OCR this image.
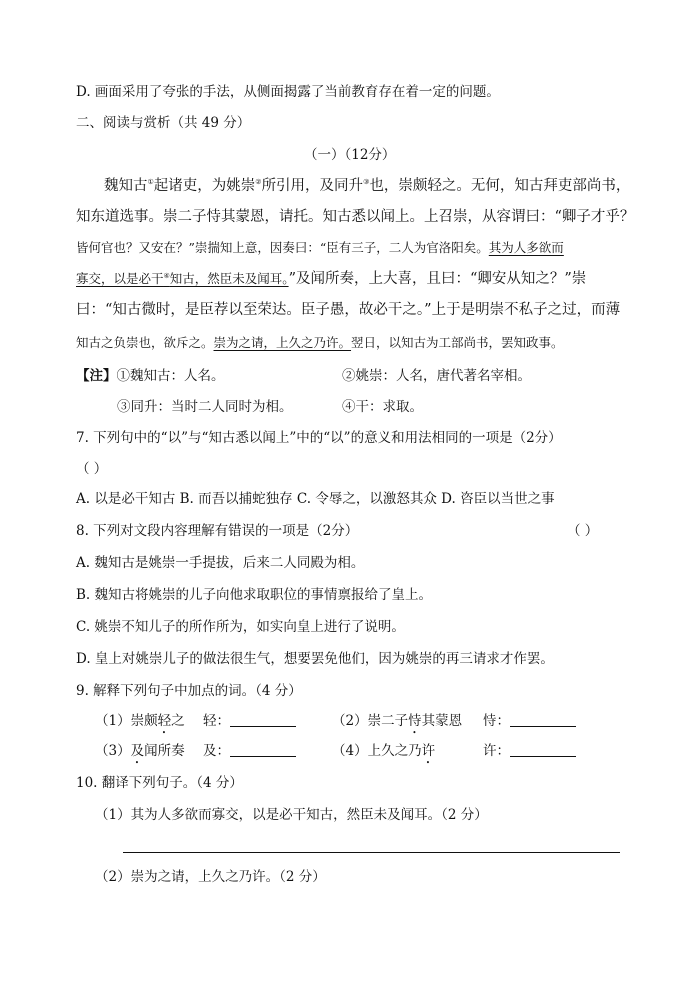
D. 画面采用了夸张的手法，从侧面揭露了当前教育存在着一定的问题。
二、阅读与赏析（共 49 分）
（一）（12分）
魏知古①起诸吏，为姚崇②所引用，及同升③也，崇颇轻之。无何，知古拜吏部尚书，
知东道选事。崇二子恃其蒙恩，请托。知古悉以闻上。上召崇，从容谓曰：“卿子才乎？
皆何官也？又安在？”崇揣知上意，因奏曰：“臣有三子，二人为官洛阳矣。其为人多欲而
寡交，以是必干④知古，然臣未及闻耳。”及闻所奏，上大喜，且曰：“卿安从知之？”崇
曰：“知古微时，是臣荐以至荣达。臣子愚，故必干之。”上于是明崇不私子之过，而薄
知古之负崇也，欲斥之。崇为之请，上久之乃许。翌日，以知古为工部尚书，罢知政事。
【注】①魏知古：人名。	②姚崇：人名，唐代著名宰相。
③同升：当时二人同时为相。	④干：求取。
7. 下列句中的“以”与“知古悉以闻上”中的“以”的意义和用法相同的一项是（2分）
（ ）
A. 以是必干知古 B. 而吾以捕蛇独存 C. 令辱之，以激怒其众 D. 咨臣以当世之事
8. 下列对文段内容理解有错误的一项是（2分）	（ ）
A. 魏知古是姚崇一手提拔，后来二人同殿为相。
B. 魏知古将姚崇的儿子向他求取职位的事情禀报给了皇上。
C. 姚崇不知儿子的所作所为，如实向皇上进行了说明。
D. 皇上对姚崇儿子的做法很生气，想要罢免他们，因为姚崇的再三请求才作罢。
9. 解释下列句子中加点的词。（4 分）
（1）崇颇轻之 轻：	（2）崇二子恃其蒙恩 恃：
（3）及闻所奏 及：	（4）上久之乃许	许：
10. 翻译下列句子。（4 分）
（1）其为人多欲而寡交，以是必干知古，然臣未及闻耳。（2 分）
（2）崇为之请，上久之乃许。（2 分）
